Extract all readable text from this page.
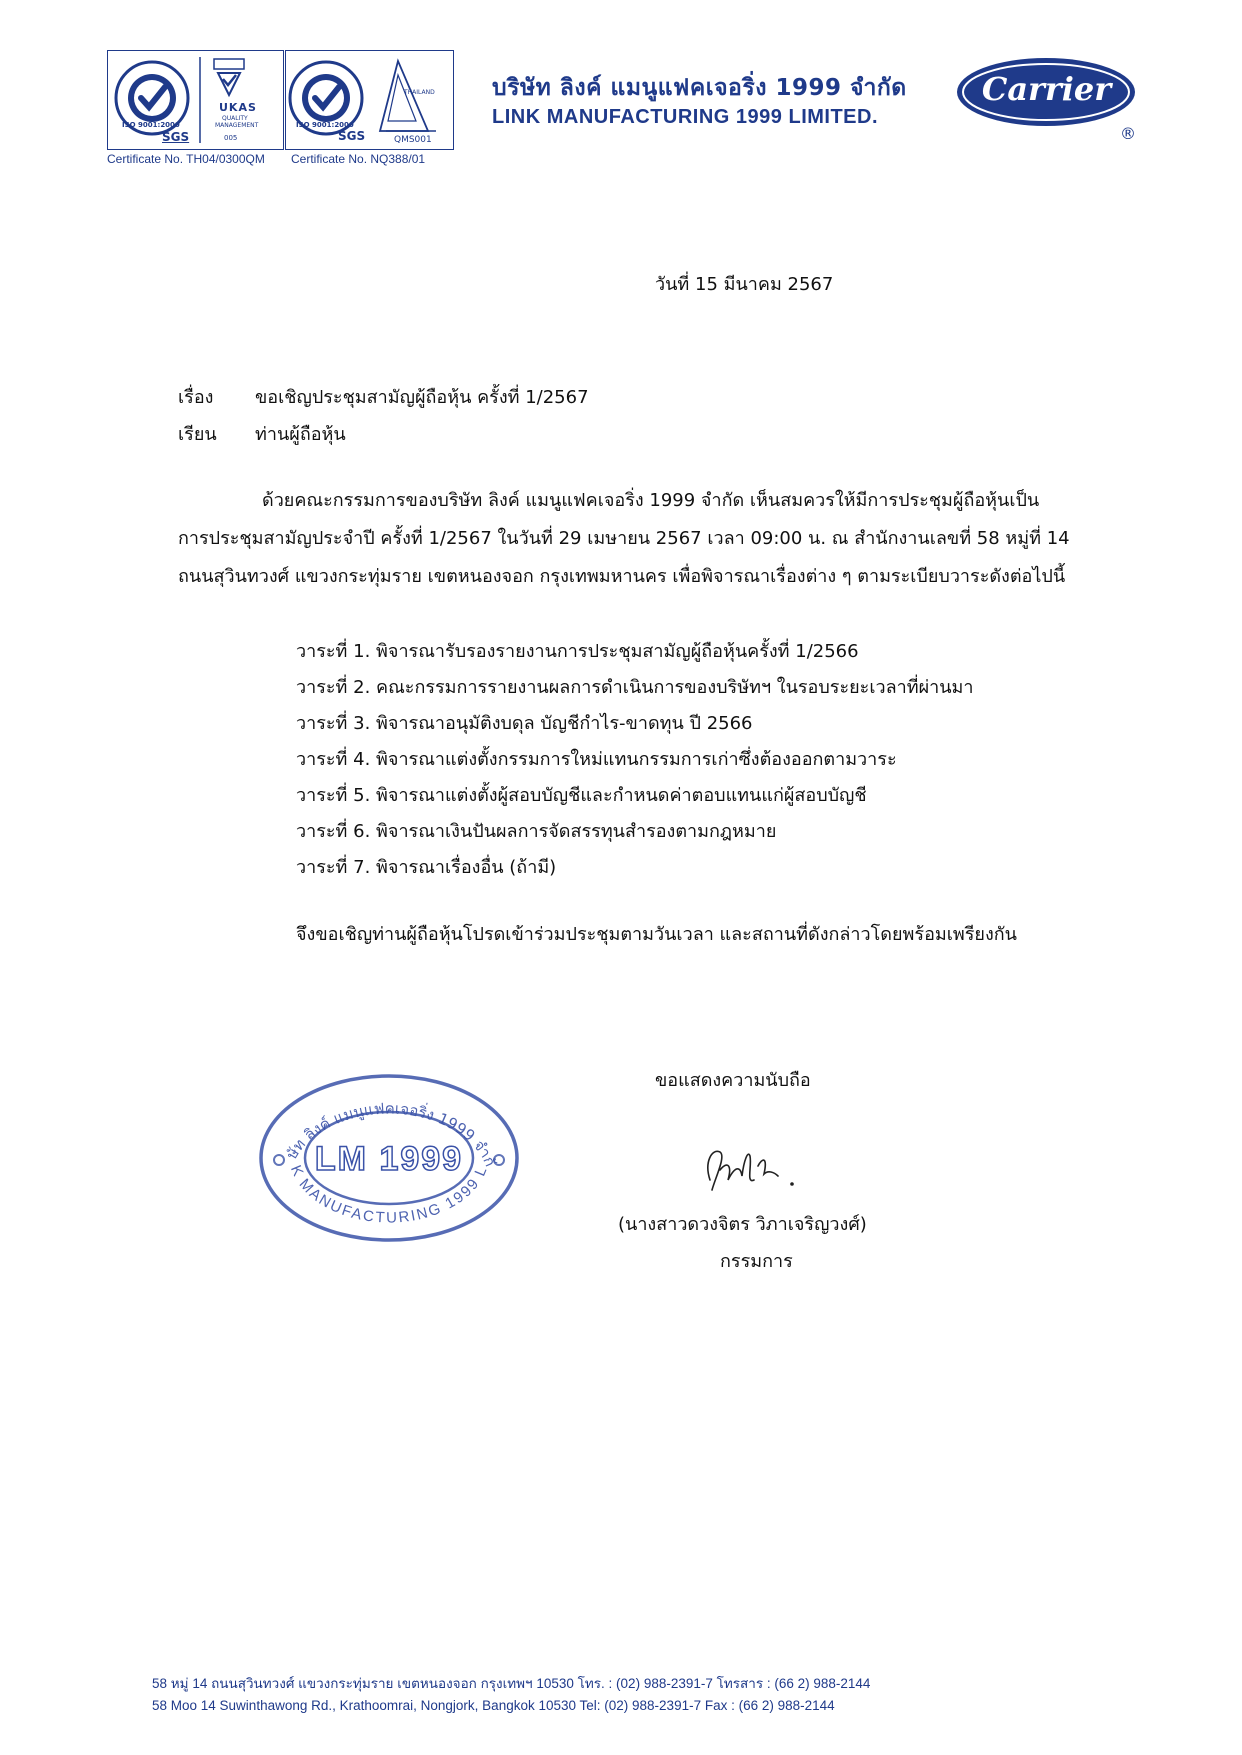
ISO 9001:2000
SGS
UKAS
QUALITY
MANAGEMENT
005
Certificate No. TH04/0300QM
ISO 9001:2000
SGS
THAILAND
QMS001
Certificate No. NQ388/01
บริษัท ลิงค์ แมนูแฟคเจอริ่ง 1999 จำกัด
LINK MANUFACTURING 1999 LIMITED.
Carrier
®
วันที่ 15 มีนาคม 2567
เรื่อง ขอเชิญประชุมสามัญผู้ถือหุ้น ครั้งที่ 1/2567
เรียน ท่านผู้ถือหุ้น
ด้วยคณะกรรมการของบริษัท ลิงค์ แมนูแฟคเจอริ่ง 1999 จำกัด เห็นสมควรให้มีการประชุมผู้ถือหุ้นเป็น
การประชุมสามัญประจำปี ครั้งที่ 1/2567 ในวันที่ 29 เมษายน 2567 เวลา 09:00 น. ณ สำนักงานเลขที่ 58 หมู่ที่ 14
ถนนสุวินทวงศ์ แขวงกระทุ่มราย เขตหนองจอก กรุงเทพมหานคร เพื่อพิจารณาเรื่องต่าง ๆ ตามระเบียบวาระดังต่อไปนี้
วาระที่ 1. พิจารณารับรองรายงานการประชุมสามัญผู้ถือหุ้นครั้งที่ 1/2566
วาระที่ 2. คณะกรรมการรายงานผลการดำเนินการของบริษัทฯ ในรอบระยะเวลาที่ผ่านมา
วาระที่ 3. พิจารณาอนุมัติงบดุล บัญชีกำไร-ขาดทุน ปี 2566
วาระที่ 4. พิจารณาแต่งตั้งกรรมการใหม่แทนกรรมการเก่าซึ่งต้องออกตามวาระ
วาระที่ 5. พิจารณาแต่งตั้งผู้สอบบัญชีและกำหนดค่าตอบแทนแก่ผู้สอบบัญชี
วาระที่ 6. พิจารณาเงินปันผลการจัดสรรทุนสำรองตามกฎหมาย
วาระที่ 7. พิจารณาเรื่องอื่น (ถ้ามี)
จึงขอเชิญท่านผู้ถือหุ้นโปรดเข้าร่วมประชุมตามวันเวลา และสถานที่ดังกล่าวโดยพร้อมเพรียงกัน
ขอแสดงความนับถือ
(นางสาวดวงจิตร วิภาเจริญวงศ์)
กรรมการ
ษัท ลิงค์ แมนูแฟคเจอริ่ง 1999 จำกั
K MANUFACTURING 1999 L
LM 1999
58 หมู่ 14 ถนนสุวินทวงศ์ แขวงกระทุ่มราย เขตหนองจอก กรุงเทพฯ 10530 โทร. : (02) 988-2391-7 โทรสาร : (66 2) 988-2144
58 Moo 14 Suwinthawong Rd., Krathoomrai, Nongjork, Bangkok 10530 Tel: (02) 988-2391-7 Fax : (66 2) 988-2144
